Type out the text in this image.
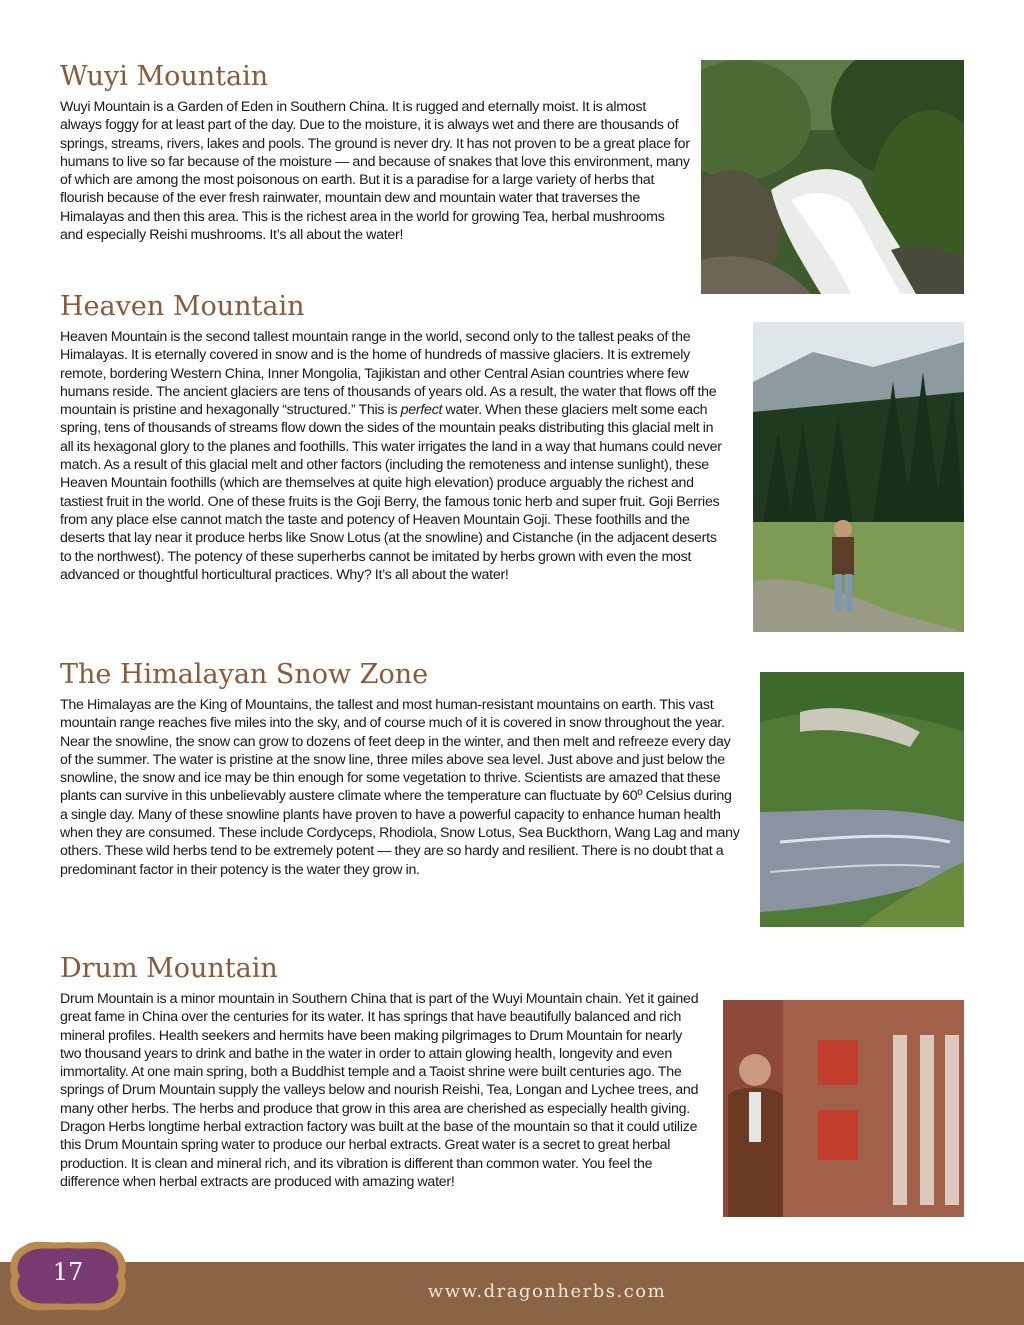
Wuyi Mountain

Wuyi Mountain is a Garden of Eden in Southern China. It is rugged and eternally moist. It is almost always foggy for at least part of the day. Due to the moisture, it is always wet and there are thousands of springs, streams, rivers, lakes and pools. The ground is never dry. It has not proven to be a great place for humans to live so far because of the moisture — and because of snakes that love this environment, many of which are among the most poisonous on earth. But it is a paradise for a large variety of herbs that flourish because of the ever fresh rainwater, mountain dew and mountain water that traverses the Himalayas and then this area. This is the richest area in the world for growing Tea, herbal mushrooms and especially Reishi mushrooms. It’s all about the water!

Heaven Mountain

Heaven Mountain is the second tallest mountain range in the world, second only to the tallest peaks of the Himalayas. It is eternally covered in snow and is the home of hundreds of massive glaciers. It is extremely remote, bordering Western China, Inner Mongolia, Tajikistan and other Central Asian countries where few humans reside. The ancient glaciers are tens of thousands of years old. As a result, the water that flows off the mountain is pristine and hexagonally “structured.” This is perfect water. When these glaciers melt some each spring, tens of thousands of streams flow down the sides of the mountain peaks distributing this glacial melt in all its hexagonal glory to the planes and foothills. This water irrigates the land in a way that humans could never match. As a result of this glacial melt and other factors (including the remoteness and intense sunlight), these Heaven Mountain foothills (which are themselves at quite high elevation) produce arguably the richest and tastiest fruit in the world. One of these fruits is the Goji Berry, the famous tonic herb and super fruit. Goji Berries from any place else cannot match the taste and potency of Heaven Mountain Goji. These foothills and the deserts that lay near it produce herbs like Snow Lotus (at the snowline) and Cistanche (in the adjacent deserts to the northwest). The potency of these superherbs cannot be imitated by herbs grown with even the most advanced or thoughtful horticultural practices. Why? It’s all about the water!

The Himalayan Snow Zone

The Himalayas are the King of Mountains, the tallest and most human-resistant mountains on earth. This vast mountain range reaches five miles into the sky, and of course much of it is covered in snow throughout the year. Near the snowline, the snow can grow to dozens of feet deep in the winter, and then melt and refreeze every day of the summer. The water is pristine at the snow line, three miles above sea level. Just above and just below the snowline, the snow and ice may be thin enough for some vegetation to thrive. Scientists are amazed that these plants can survive in this unbelievably austere climate where the temperature can fluctuate by 60º Celsius during a single day. Many of these snowline plants have proven to have a powerful capacity to enhance human health when they are consumed. These include Cordyceps, Rhodiola, Snow Lotus, Sea Buckthorn, Wang Lag and many others. These wild herbs tend to be extremely potent — they are so hardy and resilient. There is no doubt that a predominant factor in their potency is the water they grow in.

Drum Mountain

Drum Mountain is a minor mountain in Southern China that is part of the Wuyi Mountain chain. Yet it gained great fame in China over the centuries for its water. It has springs that have beautifully balanced and rich mineral profiles. Health seekers and hermits have been making pilgrimages to Drum Mountain for nearly two thousand years to drink and bathe in the water in order to attain glowing health, longevity and even immortality. At one main spring, both a Buddhist temple and a Taoist shrine were built centuries ago. The springs of Drum Mountain supply the valleys below and nourish Reishi, Tea, Longan and Lychee trees, and many other herbs. The herbs and produce that grow in this area are cherished as especially health giving. Dragon Herbs longtime herbal extraction factory was built at the base of the mountain so that it could utilize this Drum Mountain spring water to produce our herbal extracts. Great water is a secret to great herbal production. It is clean and mineral rich, and its vibration is different than common water. You feel the difference when herbal extracts are produced with amazing water!

17
www.dragonherbs.com
